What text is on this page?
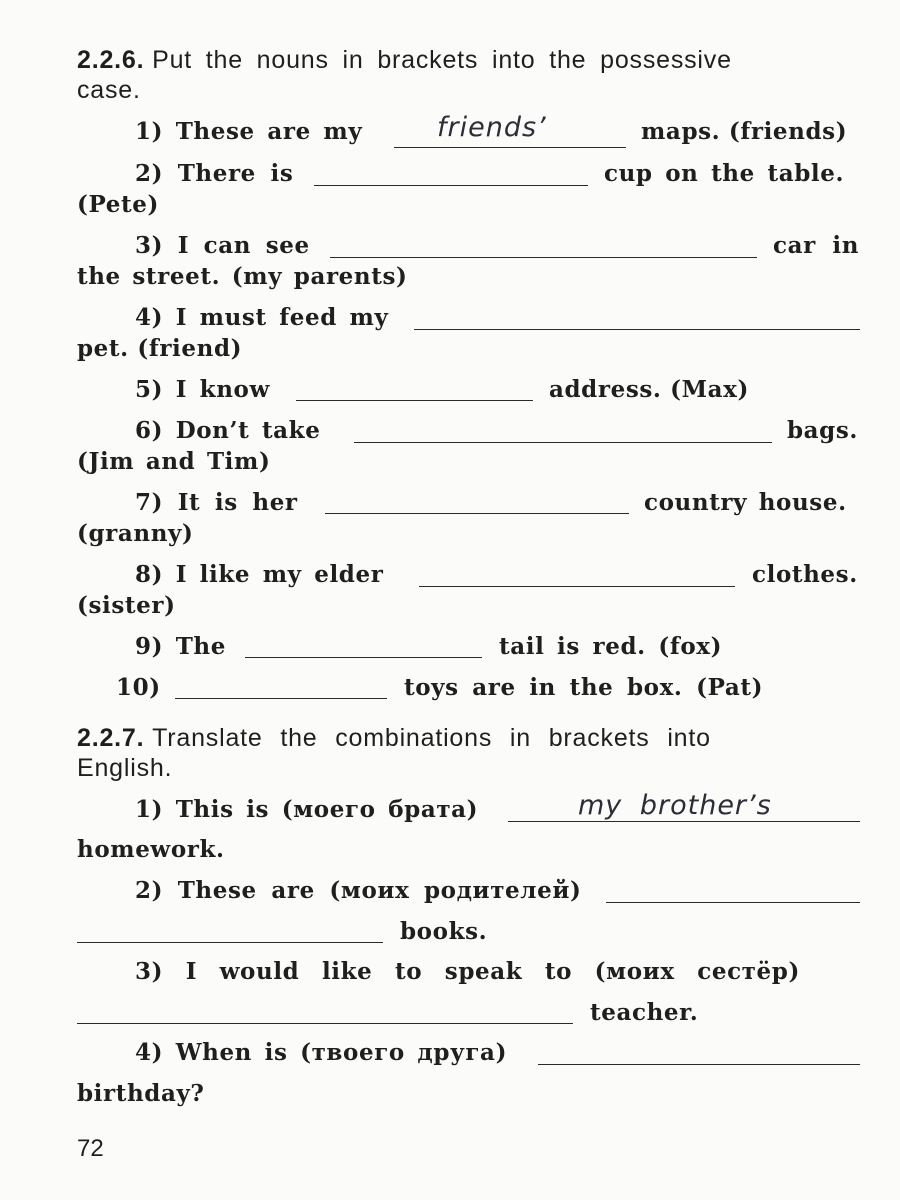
2.2.6. Put the nouns in brackets into the possessive
case.
1) These are my	friends’	maps. (friends)
2) There is	cup on the table.
(Pete)
3) I can see	car in
the street. (my parents)
4) I must feed my
pet. (friend)
5) I know	address. (Max)
6) Don’t take	bags.
(Jim and Tim)
7) It is her	country house.
(granny)
8) I like my elder	clothes.
(sister)
9) The	tail is red. (fox)
10)	toys are in the box. (Pat)
2.2.7. Translate the combinations in brackets into
English.
1) This is (моего брата)	my brother’s
homework.
2) These are (моих родителей)
books.
3) I would like to speak to (моих сестёр)
teacher.
4) When is (твоего друга)
birthday?
72
